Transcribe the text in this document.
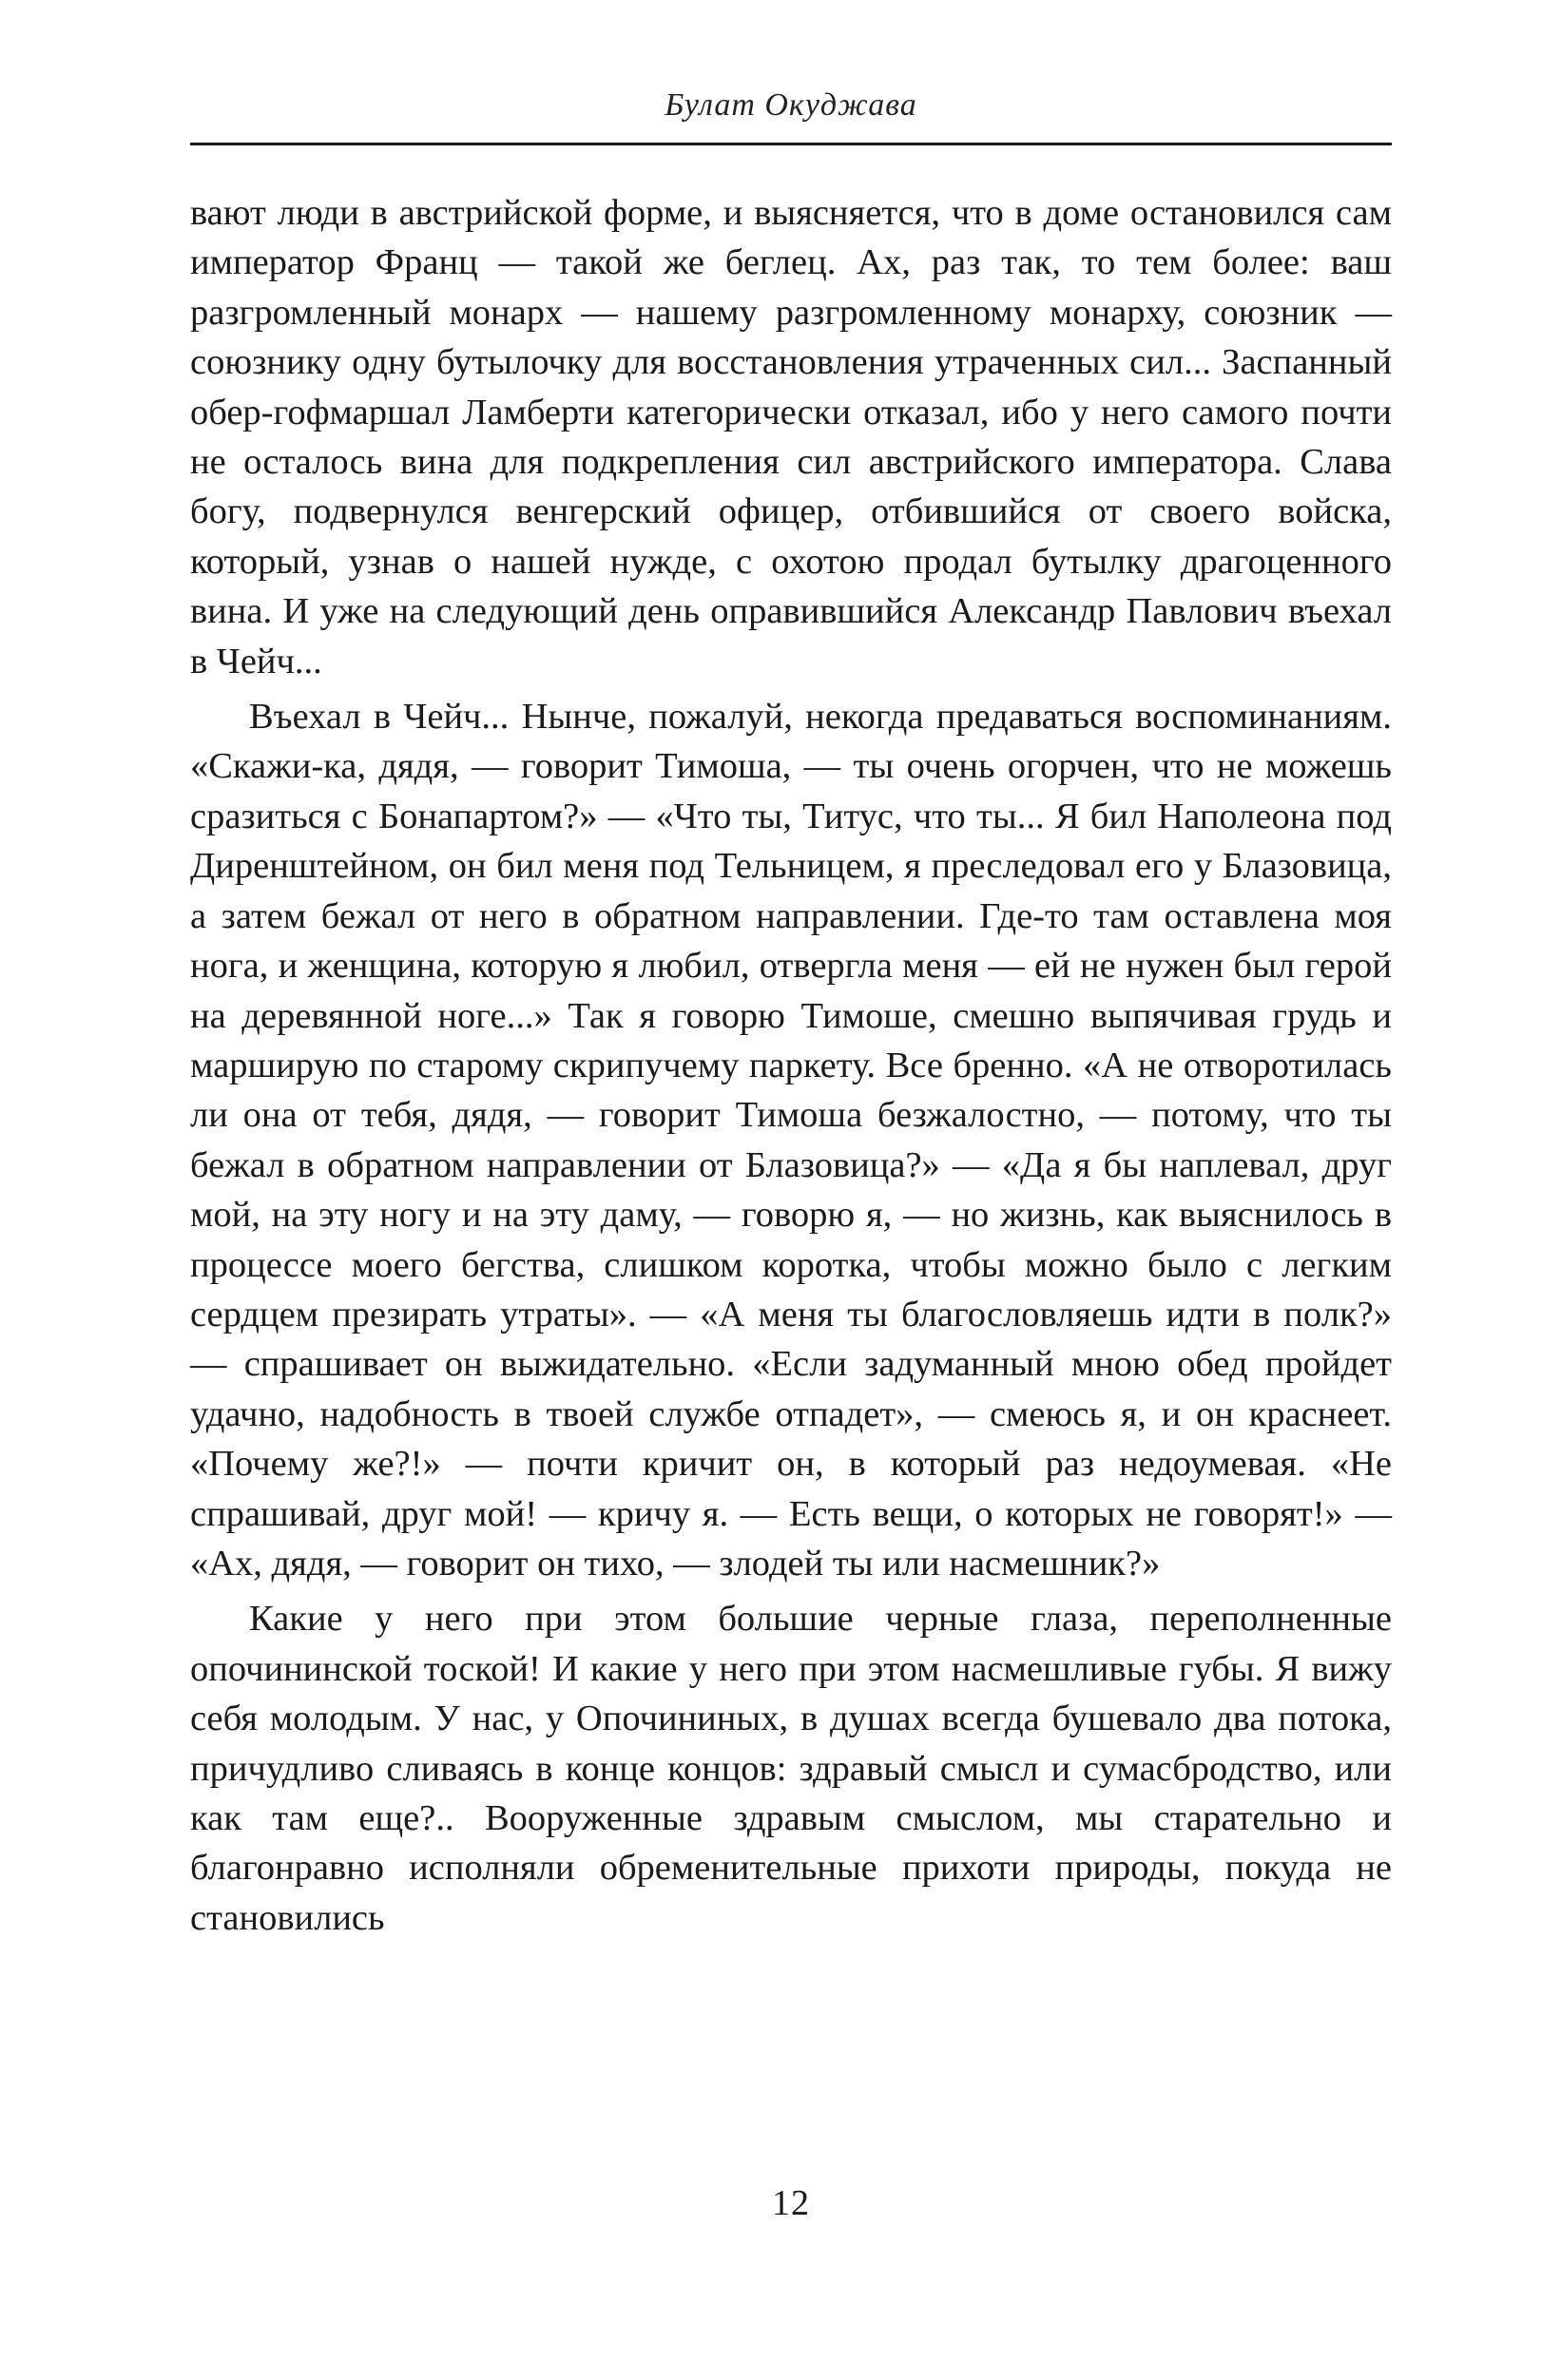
Булат Окуджава

вают люди в австрийской форме, и выясняется, что в доме остановился сам император Франц — такой же беглец. Ах, раз так, то тем более: ваш разгромленный монарх — нашему разгромленному монарху, союзник — союзнику одну бутылочку для восстановления утраченных сил... Заспанный обер-гофмаршал Ламберти категорически отказал, ибо у него самого почти не осталось вина для подкрепления сил австрийского императора. Слава богу, подвернулся венгерский офицер, отбившийся от своего войска, который, узнав о нашей нужде, с охотою продал бутылку драгоценного вина. И уже на следующий день оправившийся Александр Павлович въехал в Чейч...

Въехал в Чейч... Нынче, пожалуй, некогда предаваться воспоминаниям. «Скажи-ка, дядя, — говорит Тимоша, — ты очень огорчен, что не можешь сразиться с Бонапартом?» — «Что ты, Титус, что ты... Я бил Наполеона под Диренштейном, он бил меня под Тельницем, я преследовал его у Блазовица, а затем бежал от него в обратном направлении. Где-то там оставлена моя нога, и женщина, которую я любил, отвергла меня — ей не нужен был герой на деревянной ноге...» Так я говорю Тимоше, смешно выпячивая грудь и марширую по старому скрипучему паркету. Все бренно. «А не отворотилась ли она от тебя, дядя, — говорит Тимоша безжалостно, — потому, что ты бежал в обратном направлении от Блазовица?» — «Да я бы наплевал, друг мой, на эту ногу и на эту даму, — говорю я, — но жизнь, как выяснилось в процессе моего бегства, слишком коротка, чтобы можно было с легким сердцем презирать утраты». — «А меня ты благословляешь идти в полк?» — спрашивает он выжидательно. «Если задуманный мною обед пройдет удачно, надобность в твоей службе отпадет», — смеюсь я, и он краснеет. «Почему же?!» — почти кричит он, в который раз недоумевая. «Не спрашивай, друг мой! — кричу я. — Есть вещи, о которых не говорят!» — «Ах, дядя, — говорит он тихо, — злодей ты или насмешник?»

Какие у него при этом большие черные глаза, переполненные опочининской тоской! И какие у него при этом насмешливые губы. Я вижу себя молодым. У нас, у Опочининых, в душах всегда бушевало два потока, причудливо сливаясь в конце концов: здравый смысл и сумасбродство, или как там еще?.. Вооруженные здравым смыслом, мы старательно и благонравно исполняли обременительные прихоти природы, покуда не становились

12
